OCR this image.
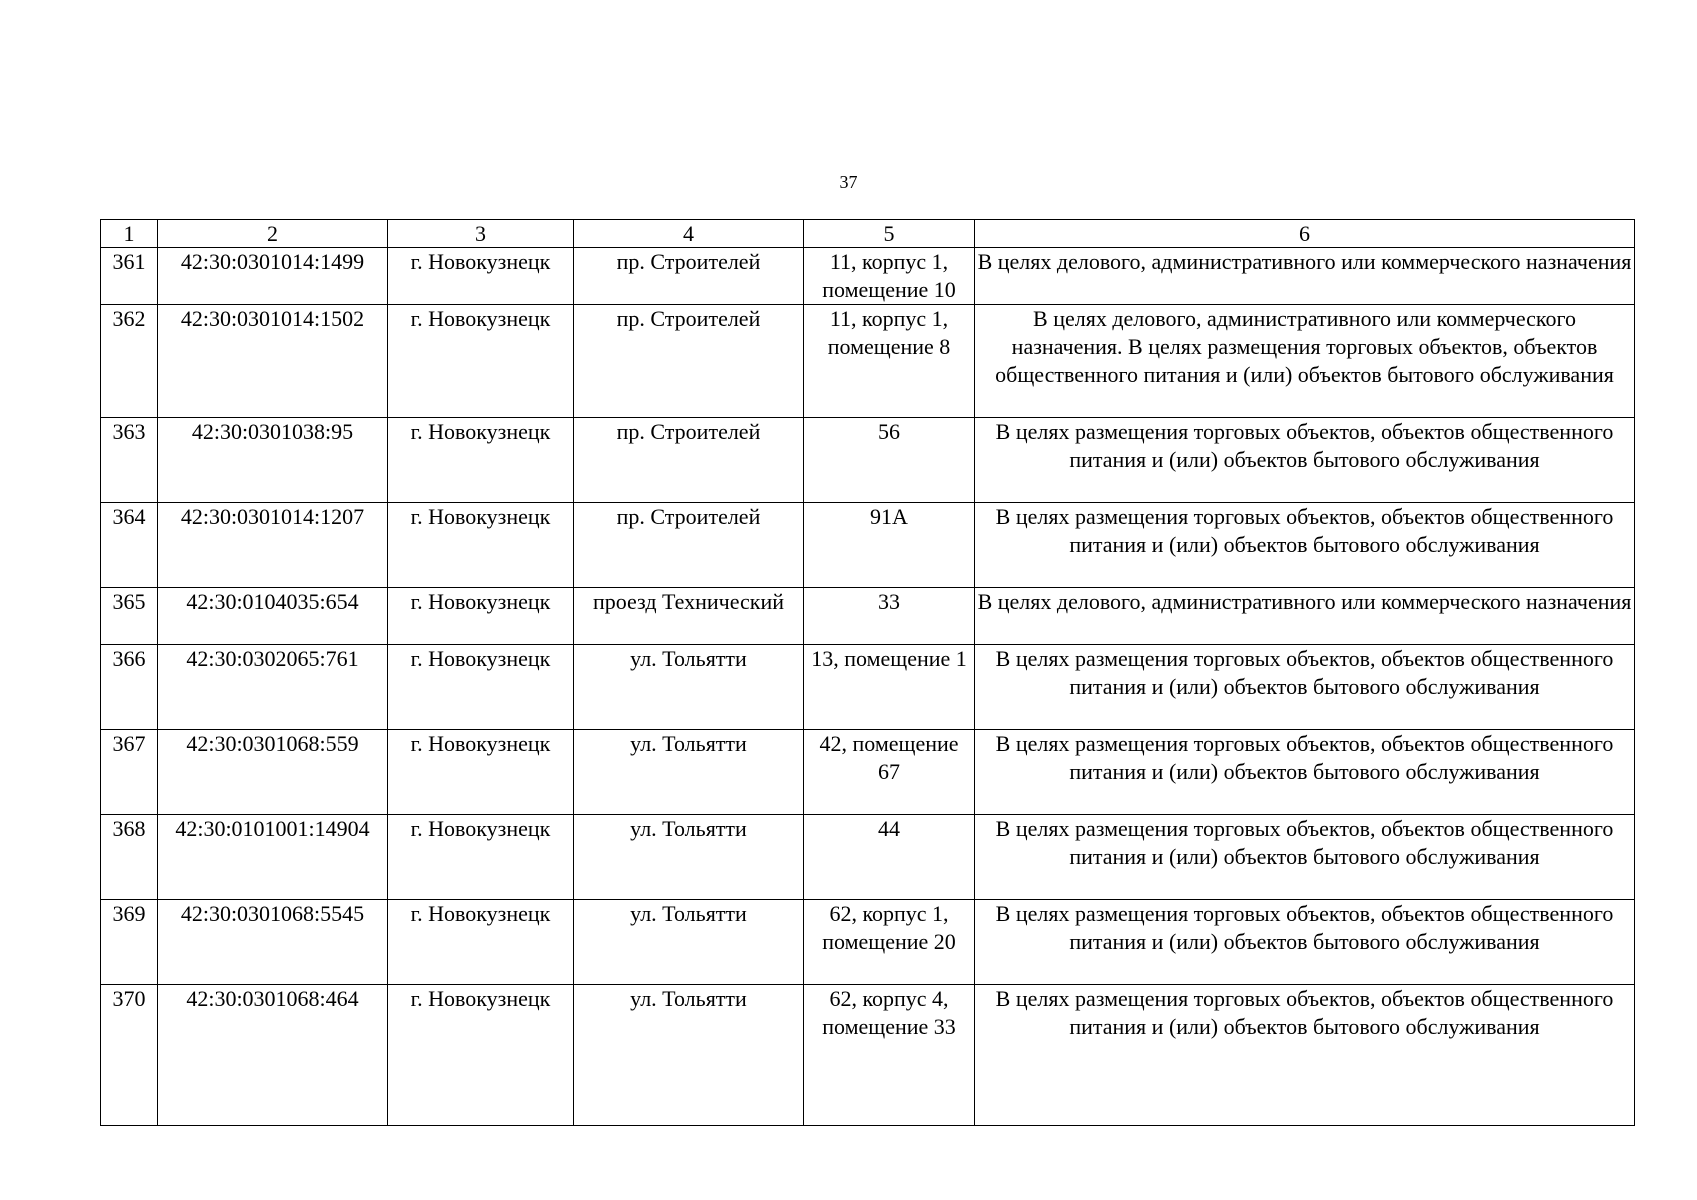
37
1	2	3	4	5	6
361	42:30:0301014:1499	г. Новокузнецк	пр. Строителей	11, корпус 1, помещение 10	В целях делового, административного или коммерческого назначения
362	42:30:0301014:1502	г. Новокузнецк	пр. Строителей	11, корпус 1, помещение 8	В целях делового, административного или коммерческого назначения. В целях размещения торговых объектов, объектов общественного питания и (или) объектов бытового обслуживания
363	42:30:0301038:95	г. Новокузнецк	пр. Строителей	56	В целях размещения торговых объектов, объектов общественного питания и (или) объектов бытового обслуживания
364	42:30:0301014:1207	г. Новокузнецк	пр. Строителей	91А	В целях размещения торговых объектов, объектов общественного питания и (или) объектов бытового обслуживания
365	42:30:0104035:654	г. Новокузнецк	проезд Технический	33	В целях делового, административного или коммерческого назначения
366	42:30:0302065:761	г. Новокузнецк	ул. Тольятти	13, помещение 1	В целях размещения торговых объектов, объектов общественного питания и (или) объектов бытового обслуживания
367	42:30:0301068:559	г. Новокузнецк	ул. Тольятти	42, помещение 67	В целях размещения торговых объектов, объектов общественного питания и (или) объектов бытового обслуживания
368	42:30:0101001:14904	г. Новокузнецк	ул. Тольятти	44	В целях размещения торговых объектов, объектов общественного питания и (или) объектов бытового обслуживания
369	42:30:0301068:5545	г. Новокузнецк	ул. Тольятти	62, корпус 1, помещение 20	В целях размещения торговых объектов, объектов общественного питания и (или) объектов бытового обслуживания
370	42:30:0301068:464	г. Новокузнецк	ул. Тольятти	62, корпус 4, помещение 33	В целях размещения торговых объектов, объектов общественного питания и (или) объектов бытового обслуживания
